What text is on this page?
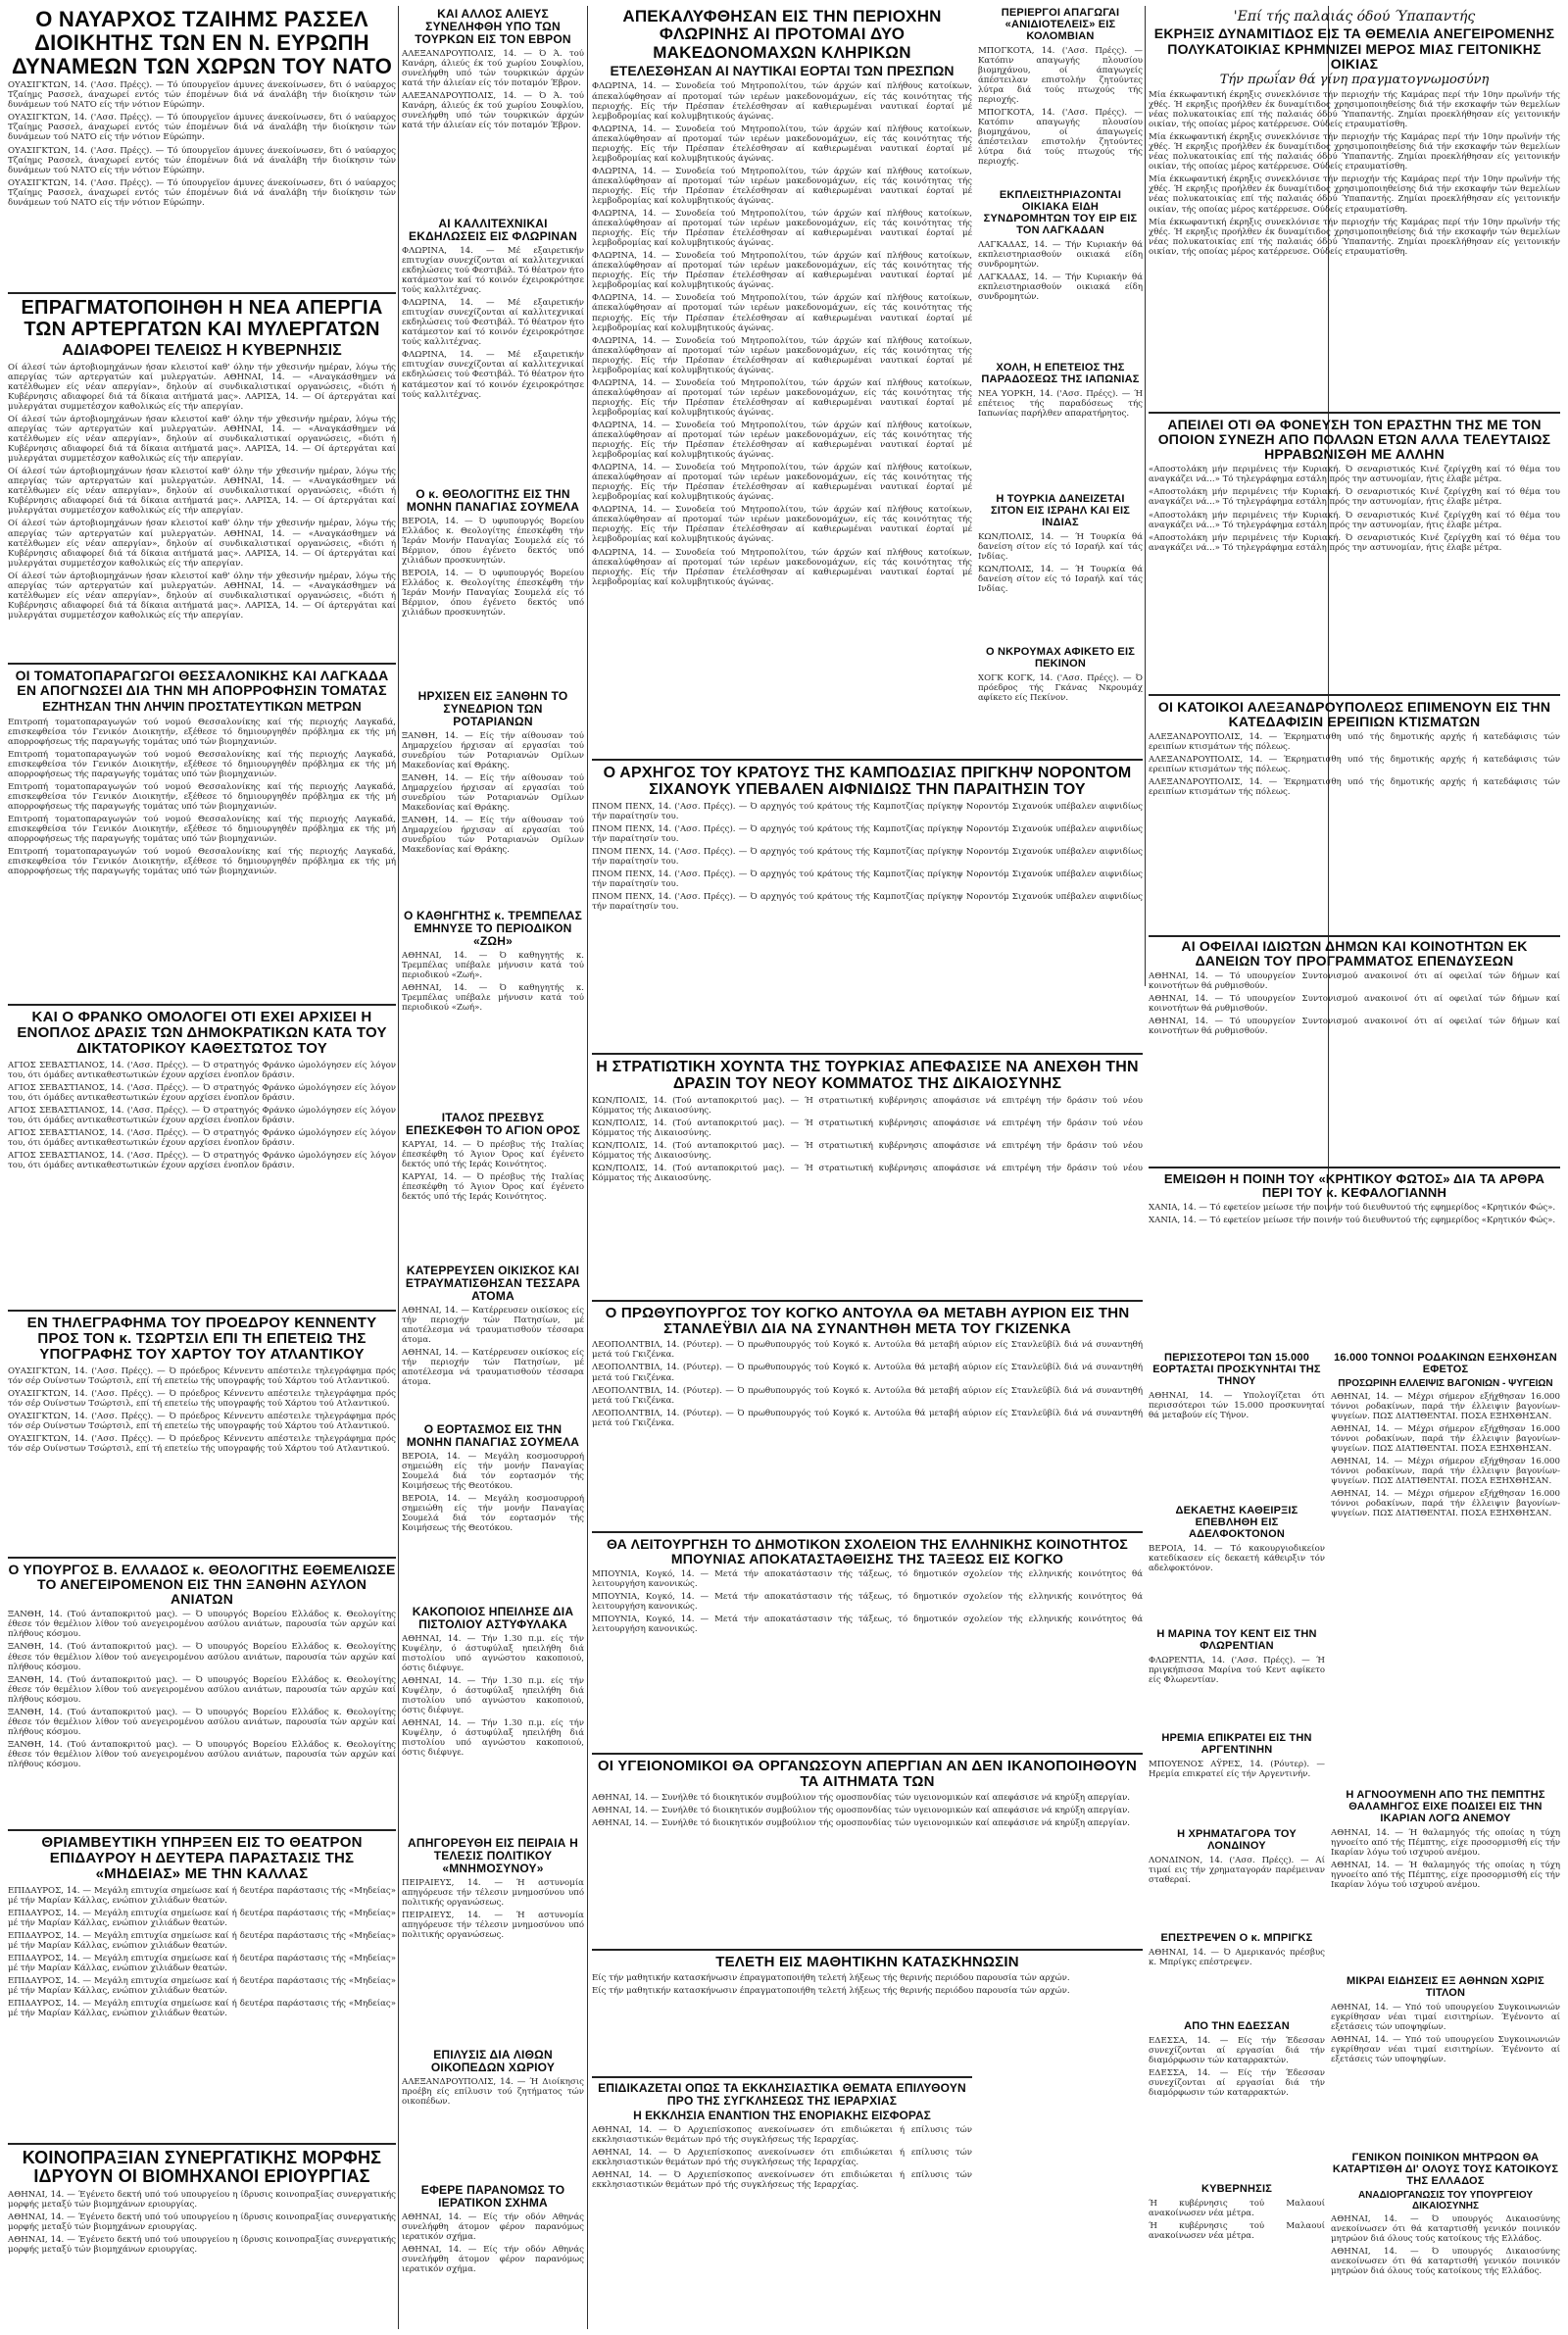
Ο ΝΑΥΑΡΧΟΣ ΤΖΑΙΗΜΣ ΡΑΣΣΕΛ ΔΙΟΙΚΗΤΗΣ ΤΩΝ ΕΝ Ν. ΕΥΡΩΠΗ ΔΥΝΑΜΕΩΝ ΤΩΝ ΧΩΡΩΝ ΤΟΥ ΝΑΤΟ

ΟΥΑΣΙΓΚΤΩΝ, 14. ('Ασσ. Πρέςς). — Τό ύπουργεϊον άμυνες άνεκοίνωσεν, δτι ό ναύαρχος Τζαίημς Ρασσελ, άναχωρεί εντός τών έπομένων διά νά άναλάβη τήν διοίκησιν τών δυνάμεων τού ΝΑΤΟ είς τήν νότιον Εύρώπην.

ΟΥΑΣΙΓΚΤΩΝ, 14. ('Ασσ. Πρέςς). — Τό ύπουργεϊον άμυνες άνεκοίνωσεν, δτι ό ναύαρχος Τζαίημς Ρασσελ, άναχωρεί εντός τών έπομένων διά νά άναλάβη τήν διοίκησιν τών δυνάμεων τού ΝΑΤΟ είς τήν νότιον Εύρώπην.

ΟΥΑΣΙΓΚΤΩΝ, 14. ('Ασσ. Πρέςς). — Τό ύπουργεϊον άμυνες άνεκοίνωσεν, δτι ό ναύαρχος Τζαίημς Ρασσελ, άναχωρεί εντός τών έπομένων διά νά άναλάβη τήν διοίκησιν τών δυνάμεων τού ΝΑΤΟ είς τήν νότιον Εύρώπην.

ΟΥΑΣΙΓΚΤΩΝ, 14. ('Ασσ. Πρέςς). — Τό ύπουργεϊον άμυνες άνεκοίνωσεν, δτι ό ναύαρχος Τζαίημς Ρασσελ, άναχωρεί εντός τών έπομένων διά νά άναλάβη τήν διοίκησιν τών δυνάμεων τού ΝΑΤΟ είς τήν νότιον Εύρώπην.

ΕΠΡΑΓΜΑΤΟΠΟΙΗΘΗ Η ΝΕΑ ΑΠΕΡΓΙΑ ΤΩΝ ΑΡΤΕΡΓΑΤΩΝ ΚΑΙ ΜΥΛΕΡΓΑΤΩΝ
ΑΔΙΑΦΟΡΕΙ ΤΕΛΕΙΩΣ Η ΚΥΒΕΡΝΗΣΙΣ

Οί άλεσί τών άρτοβιομηχάνων ήσαν κλειστοί καθ' όλην τήν χθεσινήν ημέραν, λόγω τής απεργίας τών αρτεργατών καί μυλεργατών. ΑΘΗΝΑΙ, 14. — «Αναγκάσθημεν νά κατέλθωμεν είς νέαν απεργίαν», δηλούν αί συνδικαλιστικαί οργανώσεις, «διότι ή Κυβέρνησις αδιαφορεί διά τά δίκαια αιτήματά μας». ΛΑΡΙΣΑ, 14. — Οί άρτεργάται καί μυλεργάται συμμετέσχον καθολικώς είς τήν απεργίαν.

Οί άλεσί τών άρτοβιομηχάνων ήσαν κλειστοί καθ' όλην τήν χθεσινήν ημέραν, λόγω τής απεργίας τών αρτεργατών καί μυλεργατών. ΑΘΗΝΑΙ, 14. — «Αναγκάσθημεν νά κατέλθωμεν είς νέαν απεργίαν», δηλούν αί συνδικαλιστικαί οργανώσεις, «διότι ή Κυβέρνησις αδιαφορεί διά τά δίκαια αιτήματά μας». ΛΑΡΙΣΑ, 14. — Οί άρτεργάται καί μυλεργάται συμμετέσχον καθολικώς είς τήν απεργίαν.

Οί άλεσί τών άρτοβιομηχάνων ήσαν κλειστοί καθ' όλην τήν χθεσινήν ημέραν, λόγω τής απεργίας τών αρτεργατών καί μυλεργατών. ΑΘΗΝΑΙ, 14. — «Αναγκάσθημεν νά κατέλθωμεν είς νέαν απεργίαν», δηλούν αί συνδικαλιστικαί οργανώσεις, «διότι ή Κυβέρνησις αδιαφορεί διά τά δίκαια αιτήματά μας». ΛΑΡΙΣΑ, 14. — Οί άρτεργάται καί μυλεργάται συμμετέσχον καθολικώς είς τήν απεργίαν.

Οί άλεσί τών άρτοβιομηχάνων ήσαν κλειστοί καθ' όλην τήν χθεσινήν ημέραν, λόγω τής απεργίας τών αρτεργατών καί μυλεργατών. ΑΘΗΝΑΙ, 14. — «Αναγκάσθημεν νά κατέλθωμεν είς νέαν απεργίαν», δηλούν αί συνδικαλιστικαί οργανώσεις, «διότι ή Κυβέρνησις αδιαφορεί διά τά δίκαια αιτήματά μας». ΛΑΡΙΣΑ, 14. — Οί άρτεργάται καί μυλεργάται συμμετέσχον καθολικώς είς τήν απεργίαν.

Οί άλεσί τών άρτοβιομηχάνων ήσαν κλειστοί καθ' όλην τήν χθεσινήν ημέραν, λόγω τής απεργίας τών αρτεργατών καί μυλεργατών. ΑΘΗΝΑΙ, 14. — «Αναγκάσθημεν νά κατέλθωμεν είς νέαν απεργίαν», δηλούν αί συνδικαλιστικαί οργανώσεις, «διότι ή Κυβέρνησις αδιαφορεί διά τά δίκαια αιτήματά μας». ΛΑΡΙΣΑ, 14. — Οί άρτεργάται καί μυλεργάται συμμετέσχον καθολικώς είς τήν απεργίαν.

ΟΙ ΤΟΜΑΤΟΠΑΡΑΓΩΓΟΙ ΘΕΣΣΑΛΟΝΙΚΗΣ ΚΑΙ ΛΑΓΚΑΔΑ ΕΝ ΑΠΟΓΝΩΣΕΙ ΔΙΑ ΤΗΝ ΜΗ ΑΠΟΡΡΟΦΗΣΙΝ ΤΟΜΑΤΑΣ
ΕΖΗΤΗΣΑΝ ΤΗΝ ΛΗΨΙΝ ΠΡΟΣΤΑΤΕΥΤΙΚΩΝ ΜΕΤΡΩΝ

Επιτροπή τοματοπαραγωγών τού νομού Θεσσαλονίκης καί τής περιοχής Λαγκαδά, επισκεφθείσα τόν Γενικόν Διοικητήν, εξέθεσε τό δημιουργηθέν πρόβλημα εκ τής μή απορροφήσεως τής παραγωγής τομάτας υπό τών βιομηχανιών.

Επιτροπή τοματοπαραγωγών τού νομού Θεσσαλονίκης καί τής περιοχής Λαγκαδά, επισκεφθείσα τόν Γενικόν Διοικητήν, εξέθεσε τό δημιουργηθέν πρόβλημα εκ τής μή απορροφήσεως τής παραγωγής τομάτας υπό τών βιομηχανιών.

Επιτροπή τοματοπαραγωγών τού νομού Θεσσαλονίκης καί τής περιοχής Λαγκαδά, επισκεφθείσα τόν Γενικόν Διοικητήν, εξέθεσε τό δημιουργηθέν πρόβλημα εκ τής μή απορροφήσεως τής παραγωγής τομάτας υπό τών βιομηχανιών.

Επιτροπή τοματοπαραγωγών τού νομού Θεσσαλονίκης καί τής περιοχής Λαγκαδά, επισκεφθείσα τόν Γενικόν Διοικητήν, εξέθεσε τό δημιουργηθέν πρόβλημα εκ τής μή απορροφήσεως τής παραγωγής τομάτας υπό τών βιομηχανιών.

Επιτροπή τοματοπαραγωγών τού νομού Θεσσαλονίκης καί τής περιοχής Λαγκαδά, επισκεφθείσα τόν Γενικόν Διοικητήν, εξέθεσε τό δημιουργηθέν πρόβλημα εκ τής μή απορροφήσεως τής παραγωγής τομάτας υπό τών βιομηχανιών.

ΚΑΙ Ο ΦΡΑΝΚΟ ΟΜΟΛΟΓΕΙ ΟΤΙ ΕΧΕΙ ΑΡΧΙΣΕΙ Η ΕΝΟΠΛΟΣ ΔΡΑΣΙΣ ΤΩΝ ΔΗΜΟΚΡΑΤΙΚΩΝ ΚΑΤΑ ΤΟΥ ΔΙΚΤΑΤΟΡΙΚΟΥ ΚΑΘΕΣΤΩΤΟΣ ΤΟΥ

ΑΓΙΟΣ ΣΕΒΑΣΤΙΑΝΟΣ, 14. ('Ασσ. Πρέςς). — Ό στρατηγός Φράνκο ώμολόγησεν είς λόγον του, ότι όμάδες αντικαθεστωτικών έχουν αρχίσει ένοπλον δράσιν.

ΑΓΙΟΣ ΣΕΒΑΣΤΙΑΝΟΣ, 14. ('Ασσ. Πρέςς). — Ό στρατηγός Φράνκο ώμολόγησεν είς λόγον του, ότι όμάδες αντικαθεστωτικών έχουν αρχίσει ένοπλον δράσιν.

ΑΓΙΟΣ ΣΕΒΑΣΤΙΑΝΟΣ, 14. ('Ασσ. Πρέςς). — Ό στρατηγός Φράνκο ώμολόγησεν είς λόγον του, ότι όμάδες αντικαθεστωτικών έχουν αρχίσει ένοπλον δράσιν.

ΑΓΙΟΣ ΣΕΒΑΣΤΙΑΝΟΣ, 14. ('Ασσ. Πρέςς). — Ό στρατηγός Φράνκο ώμολόγησεν είς λόγον του, ότι όμάδες αντικαθεστωτικών έχουν αρχίσει ένοπλον δράσιν.

ΑΓΙΟΣ ΣΕΒΑΣΤΙΑΝΟΣ, 14. ('Ασσ. Πρέςς). — Ό στρατηγός Φράνκο ώμολόγησεν είς λόγον του, ότι όμάδες αντικαθεστωτικών έχουν αρχίσει ένοπλον δράσιν.

ΕΝ ΤΗΛΕΓΡΑΦΗΜΑ ΤΟΥ ΠΡΟΕΔΡΟΥ ΚΕΝΝΕΝΤΥ ΠΡΟΣ ΤΟΝ κ. ΤΣΩΡΤΣΙΛ ΕΠΙ ΤΗ ΕΠΕΤΕΙΩ ΤΗΣ ΥΠΟΓΡΑΦΗΣ ΤΟΥ ΧΑΡΤΟΥ ΤΟΥ ΑΤΛΑΝΤΙΚΟΥ

ΟΥΑΣΙΓΚΤΩΝ, 14. ('Ασσ. Πρέςς). — Ό πρόεδρος Κέννεντυ απέστειλε τηλεγράφημα πρός τόν σέρ Ουίνστων Τσώρτσιλ, επί τή επετείω τής υπογραφής τού Χάρτου τού Ατλαντικού.

ΟΥΑΣΙΓΚΤΩΝ, 14. ('Ασσ. Πρέςς). — Ό πρόεδρος Κέννεντυ απέστειλε τηλεγράφημα πρός τόν σέρ Ουίνστων Τσώρτσιλ, επί τή επετείω τής υπογραφής τού Χάρτου τού Ατλαντικού.

ΟΥΑΣΙΓΚΤΩΝ, 14. ('Ασσ. Πρέςς). — Ό πρόεδρος Κέννεντυ απέστειλε τηλεγράφημα πρός τόν σέρ Ουίνστων Τσώρτσιλ, επί τή επετείω τής υπογραφής τού Χάρτου τού Ατλαντικού.

ΟΥΑΣΙΓΚΤΩΝ, 14. ('Ασσ. Πρέςς). — Ό πρόεδρος Κέννεντυ απέστειλε τηλεγράφημα πρός τόν σέρ Ουίνστων Τσώρτσιλ, επί τή επετείω τής υπογραφής τού Χάρτου τού Ατλαντικού.

Ο ΥΠΟΥΡΓΟΣ Β. ΕΛΛΑΔΟΣ κ. ΘΕΟΛΟΓΙΤΗΣ ΕΘΕΜΕΛΙΩΣΕ ΤΟ ΑΝΕΓΕΙΡΟΜΕΝΟΝ ΕΙΣ ΤΗΝ ΞΑΝΘΗΝ ΑΣΥΛΟΝ ΑΝΙΑΤΩΝ

ΞΑΝΘΗ, 14. (Τού άνταποκριτού μας). — Ό υπουργός Βορείου Ελλάδος κ. Θεολογίτης έθεσε τόν θεμέλιον λίθον τού ανεγειρομένου ασύλου ανιάτων, παρουσία τών αρχών καί πλήθους κόσμου.

ΞΑΝΘΗ, 14. (Τού άνταποκριτού μας). — Ό υπουργός Βορείου Ελλάδος κ. Θεολογίτης έθεσε τόν θεμέλιον λίθον τού ανεγειρομένου ασύλου ανιάτων, παρουσία τών αρχών καί πλήθους κόσμου.

ΞΑΝΘΗ, 14. (Τού άνταποκριτού μας). — Ό υπουργός Βορείου Ελλάδος κ. Θεολογίτης έθεσε τόν θεμέλιον λίθον τού ανεγειρομένου ασύλου ανιάτων, παρουσία τών αρχών καί πλήθους κόσμου.

ΞΑΝΘΗ, 14. (Τού άνταποκριτού μας). — Ό υπουργός Βορείου Ελλάδος κ. Θεολογίτης έθεσε τόν θεμέλιον λίθον τού ανεγειρομένου ασύλου ανιάτων, παρουσία τών αρχών καί πλήθους κόσμου.

ΞΑΝΘΗ, 14. (Τού άνταποκριτού μας). — Ό υπουργός Βορείου Ελλάδος κ. Θεολογίτης έθεσε τόν θεμέλιον λίθον τού ανεγειρομένου ασύλου ανιάτων, παρουσία τών αρχών καί πλήθους κόσμου.

ΘΡΙΑΜΒΕΥΤΙΚΗ ΥΠΗΡΞΕΝ ΕΙΣ ΤΟ ΘΕΑΤΡΟΝ ΕΠΙΔΑΥΡΟΥ Η ΔΕΥΤΕΡΑ ΠΑΡΑΣΤΑΣΙΣ ΤΗΣ «ΜΗΔΕΙΑΣ» ΜΕ ΤΗΝ ΚΑΛΛΑΣ

ΕΠΙΔΑΥΡΟΣ, 14. — Μεγάλη επιτυχία σημείωσε καί ή δευτέρα παράστασις τής «Μηδείας» μέ τήν Μαρίαν Κάλλας, ενώπιον χιλιάδων θεατών.

ΕΠΙΔΑΥΡΟΣ, 14. — Μεγάλη επιτυχία σημείωσε καί ή δευτέρα παράστασις τής «Μηδείας» μέ τήν Μαρίαν Κάλλας, ενώπιον χιλιάδων θεατών.

ΕΠΙΔΑΥΡΟΣ, 14. — Μεγάλη επιτυχία σημείωσε καί ή δευτέρα παράστασις τής «Μηδείας» μέ τήν Μαρίαν Κάλλας, ενώπιον χιλιάδων θεατών.

ΕΠΙΔΑΥΡΟΣ, 14. — Μεγάλη επιτυχία σημείωσε καί ή δευτέρα παράστασις τής «Μηδείας» μέ τήν Μαρίαν Κάλλας, ενώπιον χιλιάδων θεατών.

ΕΠΙΔΑΥΡΟΣ, 14. — Μεγάλη επιτυχία σημείωσε καί ή δευτέρα παράστασις τής «Μηδείας» μέ τήν Μαρίαν Κάλλας, ενώπιον χιλιάδων θεατών.

ΕΠΙΔΑΥΡΟΣ, 14. — Μεγάλη επιτυχία σημείωσε καί ή δευτέρα παράστασις τής «Μηδείας» μέ τήν Μαρίαν Κάλλας, ενώπιον χιλιάδων θεατών.

ΚΟΙΝΟΠΡΑΞΙΑΝ ΣΥΝΕΡΓΑΤΙΚΗΣ ΜΟΡΦΗΣ ΙΔΡΥΟΥΝ ΟΙ ΒΙΟΜΗΧΑΝΟΙ ΕΡΙΟΥΡΓΙΑΣ

ΑΘΗΝΑΙ, 14. — Έγένετο δεκτή υπό τού υπουργείου η ίδρυσις κοινοπραξίας συνεργατικής μορφής μεταξύ τών βιομηχάνων εριουργίας.

ΑΘΗΝΑΙ, 14. — Έγένετο δεκτή υπό τού υπουργείου η ίδρυσις κοινοπραξίας συνεργατικής μορφής μεταξύ τών βιομηχάνων εριουργίας.

ΑΘΗΝΑΙ, 14. — Έγένετο δεκτή υπό τού υπουργείου η ίδρυσις κοινοπραξίας συνεργατικής μορφής μεταξύ τών βιομηχάνων εριουργίας.

ΚΑΙ ΑΛΛΟΣ ΑΛΙΕΥΣ ΣΥΝΕΛΗΦΘΗ ΥΠΟ ΤΩΝ ΤΟΥΡΚΩΝ ΕΙΣ ΤΟΝ ΕΒΡΟΝ

ΑΛΕΞΑΝΔΡΟΥΠΟΛΙΣ, 14. — Ό Ά. τού Κανάρη, άλιεύς έκ τού χωρίου Σουφλίου, συνελήφθη υπό τών τουρκικών άρχών κατά τήν άλιείαν είς τόν ποταμόν Έβρον.

ΑΛΕΞΑΝΔΡΟΥΠΟΛΙΣ, 14. — Ό Ά. τού Κανάρη, άλιεύς έκ τού χωρίου Σουφλίου, συνελήφθη υπό τών τουρκικών άρχών κατά τήν άλιείαν είς τόν ποταμόν Έβρον.

ΑΙ ΚΑΛΛΙΤΕΧΝΙΚΑΙ ΕΚΔΗΛΩΣΕΙΣ ΕΙΣ ΦΛΩΡΙΝΑΝ

ΦΛΩΡΙΝΑ, 14. — Μέ εξαιρετικήν επιτυχίαν συνεχίζονται αί καλλιτεχνικαί εκδηλώσεις τού Φεστιβάλ. Τό θέατρον ήτο κατάμεστον καί τό κοινόν έχειροκρότησε τούς καλλιτέχνας.

ΦΛΩΡΙΝΑ, 14. — Μέ εξαιρετικήν επιτυχίαν συνεχίζονται αί καλλιτεχνικαί εκδηλώσεις τού Φεστιβάλ. Τό θέατρον ήτο κατάμεστον καί τό κοινόν έχειροκρότησε τούς καλλιτέχνας.

ΦΛΩΡΙΝΑ, 14. — Μέ εξαιρετικήν επιτυχίαν συνεχίζονται αί καλλιτεχνικαί εκδηλώσεις τού Φεστιβάλ. Τό θέατρον ήτο κατάμεστον καί τό κοινόν έχειροκρότησε τούς καλλιτέχνας.

Ο κ. ΘΕΟΛΟΓΙΤΗΣ ΕΙΣ ΤΗΝ ΜΟΝΗΝ ΠΑΝΑΓΙΑΣ ΣΟΥΜΕΛΑ

ΒΕΡΟΙΑ, 14. — Ό υφυπουργός Βορείου Ελλάδος κ. Θεολογίτης έπεσκέφθη τήν Ίεράν Μονήν Παναγίας Σουμελά είς τό Βέρμιον, όπου έγένετο δεκτός υπό χιλιάδων προσκυνητών.

ΒΕΡΟΙΑ, 14. — Ό υφυπουργός Βορείου Ελλάδος κ. Θεολογίτης έπεσκέφθη τήν Ίεράν Μονήν Παναγίας Σουμελά είς τό Βέρμιον, όπου έγένετο δεκτός υπό χιλιάδων προσκυνητών.

ΗΡΧΙΣΕΝ ΕΙΣ ΞΑΝΘΗΝ ΤΟ ΣΥΝΕΔΡΙΟΝ ΤΩΝ ΡΟΤΑΡΙΑΝΩΝ

ΞΑΝΘΗ, 14. — Είς τήν αίθουσαν τού Δημαρχείου ήρχισαν αί εργασίαι τού συνεδρίου τών Ροταριανών Ομίλων Μακεδονίας καί Θράκης.

ΞΑΝΘΗ, 14. — Είς τήν αίθουσαν τού Δημαρχείου ήρχισαν αί εργασίαι τού συνεδρίου τών Ροταριανών Ομίλων Μακεδονίας καί Θράκης.

ΞΑΝΘΗ, 14. — Είς τήν αίθουσαν τού Δημαρχείου ήρχισαν αί εργασίαι τού συνεδρίου τών Ροταριανών Ομίλων Μακεδονίας καί Θράκης.

Ο ΚΑΘΗΓΗΤΗΣ κ. ΤΡΕΜΠΕΛΑΣ ΕΜΗΝΥΣΕ ΤΟ ΠΕΡΙΟΔΙΚΟΝ «ΖΩΗ»

ΑΘΗΝΑΙ, 14. — Ό καθηγητής κ. Τρεμπέλας υπέβαλε μήνυσιν κατά τού περιοδικού «Ζωή».

ΑΘΗΝΑΙ, 14. — Ό καθηγητής κ. Τρεμπέλας υπέβαλε μήνυσιν κατά τού περιοδικού «Ζωή».

ΙΤΑΛΟΣ ΠΡΕΣΒΥΣ ΕΠΕΣΚΕΦΘΗ ΤΟ ΑΓΙΟΝ ΟΡΟΣ

ΚΑΡΥΑΙ, 14. — Ό πρέσβυς τής Ιταλίας έπεσκέφθη τό Άγιον Όρος καί έγένετο δεκτός υπό τής Ιεράς Κοινότητος.

ΚΑΡΥΑΙ, 14. — Ό πρέσβυς τής Ιταλίας έπεσκέφθη τό Άγιον Όρος καί έγένετο δεκτός υπό τής Ιεράς Κοινότητος.

ΚΑΤΕΡΡΕΥΣΕΝ ΟΙΚΙΣΚΟΣ ΚΑΙ ΕΤΡΑΥΜΑΤΙΣΘΗΣΑΝ ΤΕΣΣΑΡΑ ΑΤΟΜΑ

ΑΘΗΝΑΙ, 14. — Κατέρρευσεν οικίσκος είς τήν περιοχήν τών Πατησίων, μέ αποτέλεσμα νά τραυματισθούν τέσσαρα άτομα.

ΑΘΗΝΑΙ, 14. — Κατέρρευσεν οικίσκος είς τήν περιοχήν τών Πατησίων, μέ αποτέλεσμα νά τραυματισθούν τέσσαρα άτομα.

Ο ΕΟΡΤΑΣΜΟΣ ΕΙΣ ΤΗΝ ΜΟΝΗΝ ΠΑΝΑΓΙΑΣ ΣΟΥΜΕΛΑ

ΒΕΡΟΙΑ, 14. — Μεγάλη κοσμοσυρροή σημειώθη είς τήν μονήν Παναγίας Σουμελά διά τόν εορτασμόν τής Κοιμήσεως τής Θεοτόκου.

ΒΕΡΟΙΑ, 14. — Μεγάλη κοσμοσυρροή σημειώθη είς τήν μονήν Παναγίας Σουμελά διά τόν εορτασμόν τής Κοιμήσεως τής Θεοτόκου.

ΚΑΚΟΠΟΙΟΣ ΗΠΕΙΛΗΣΕ ΔΙΑ ΠΙΣΤΟΛΙΟΥ ΑΣΤΥΦΥΛΑΚΑ

ΑΘΗΝΑΙ, 14. — Τήν 1.30 π.μ. είς τήν Κυψέλην, ό άστυφύλαξ ηπειλήθη διά πιστολίου υπό αγνώστου κακοποιού, όστις διέφυγε.

ΑΘΗΝΑΙ, 14. — Τήν 1.30 π.μ. είς τήν Κυψέλην, ό άστυφύλαξ ηπειλήθη διά πιστολίου υπό αγνώστου κακοποιού, όστις διέφυγε.

ΑΘΗΝΑΙ, 14. — Τήν 1.30 π.μ. είς τήν Κυψέλην, ό άστυφύλαξ ηπειλήθη διά πιστολίου υπό αγνώστου κακοποιού, όστις διέφυγε.

ΑΠΗΓΟΡΕΥΘΗ ΕΙΣ ΠΕΙΡΑΙΑ Η ΤΕΛΕΣΙΣ ΠΟΛΙΤΙΚΟΥ «ΜΝΗΜΟΣΥΝΟΥ»

ΠΕΙΡΑΙΕΥΣ, 14. — Ή αστυνομία απηγόρευσε τήν τέλεσιν μνημοσύνου υπό πολιτικής οργανώσεως.

ΠΕΙΡΑΙΕΥΣ, 14. — Ή αστυνομία απηγόρευσε τήν τέλεσιν μνημοσύνου υπό πολιτικής οργανώσεως.

ΕΠΙΛΥΣΙΣ ΔΙΑ ΛΙΘΩΝ ΟΙΚΟΠΕΔΩΝ ΧΩΡΙΟΥ

ΑΛΕΞΑΝΔΡΟΥΠΟΛΙΣ, 14. — Ή Διοίκησις προέβη είς επίλυσιν τού ζητήματος τών οικοπέδων.

ΕΦΕΡΕ ΠΑΡΑΝΟΜΩΣ ΤΟ ΙΕΡΑΤΙΚΟΝ ΣΧΗΜΑ

ΑΘΗΝΑΙ, 14. — Είς τήν οδόν Αθηνάς συνελήφθη άτομον φέρον παρανόμως ιερατικόν σχήμα.

ΑΘΗΝΑΙ, 14. — Είς τήν οδόν Αθηνάς συνελήφθη άτομον φέρον παρανόμως ιερατικόν σχήμα.

ΑΠΕΚΑΛΥΦΘΗΣΑΝ ΕΙΣ ΤΗΝ ΠΕΡΙΟΧΗΝ ΦΛΩΡΙΝΗΣ ΑΙ ΠΡΟΤΟΜΑΙ ΔΥΟ ΜΑΚΕΔΟΝΟΜΑΧΩΝ ΚΛΗΡΙΚΩΝ
ΕΤΕΛΕΣΘΗΣΑΝ ΑΙ ΝΑΥΤΙΚΑΙ ΕΟΡΤΑΙ ΤΩΝ ΠΡΕΣΠΩΝ

ΦΛΩΡΙΝΑ, 14. — Συνοδεία τού Μητροπολίτου, τών άρχών καί πλήθους κατοίκων, άπεκαλύφθησαν αί προτομαί τών ιερέων μακεδονομάχων, είς τάς κοινότητας τής περιοχής. Είς τήν Πρέσπαν έτελέσθησαν αί καθιερωμέναι ναυτικαί έορταί μέ λεμβοδρομίας καί κολυμβητικούς άγώνας.

ΦΛΩΡΙΝΑ, 14. — Συνοδεία τού Μητροπολίτου, τών άρχών καί πλήθους κατοίκων, άπεκαλύφθησαν αί προτομαί τών ιερέων μακεδονομάχων, είς τάς κοινότητας τής περιοχής. Είς τήν Πρέσπαν έτελέσθησαν αί καθιερωμέναι ναυτικαί έορταί μέ λεμβοδρομίας καί κολυμβητικούς άγώνας.

ΦΛΩΡΙΝΑ, 14. — Συνοδεία τού Μητροπολίτου, τών άρχών καί πλήθους κατοίκων, άπεκαλύφθησαν αί προτομαί τών ιερέων μακεδονομάχων, είς τάς κοινότητας τής περιοχής. Είς τήν Πρέσπαν έτελέσθησαν αί καθιερωμέναι ναυτικαί έορταί μέ λεμβοδρομίας καί κολυμβητικούς άγώνας.

ΦΛΩΡΙΝΑ, 14. — Συνοδεία τού Μητροπολίτου, τών άρχών καί πλήθους κατοίκων, άπεκαλύφθησαν αί προτομαί τών ιερέων μακεδονομάχων, είς τάς κοινότητας τής περιοχής. Είς τήν Πρέσπαν έτελέσθησαν αί καθιερωμέναι ναυτικαί έορταί μέ λεμβοδρομίας καί κολυμβητικούς άγώνας.

ΦΛΩΡΙΝΑ, 14. — Συνοδεία τού Μητροπολίτου, τών άρχών καί πλήθους κατοίκων, άπεκαλύφθησαν αί προτομαί τών ιερέων μακεδονομάχων, είς τάς κοινότητας τής περιοχής. Είς τήν Πρέσπαν έτελέσθησαν αί καθιερωμέναι ναυτικαί έορταί μέ λεμβοδρομίας καί κολυμβητικούς άγώνας.

ΦΛΩΡΙΝΑ, 14. — Συνοδεία τού Μητροπολίτου, τών άρχών καί πλήθους κατοίκων, άπεκαλύφθησαν αί προτομαί τών ιερέων μακεδονομάχων, είς τάς κοινότητας τής περιοχής. Είς τήν Πρέσπαν έτελέσθησαν αί καθιερωμέναι ναυτικαί έορταί μέ λεμβοδρομίας καί κολυμβητικούς άγώνας.

ΦΛΩΡΙΝΑ, 14. — Συνοδεία τού Μητροπολίτου, τών άρχών καί πλήθους κατοίκων, άπεκαλύφθησαν αί προτομαί τών ιερέων μακεδονομάχων, είς τάς κοινότητας τής περιοχής. Είς τήν Πρέσπαν έτελέσθησαν αί καθιερωμέναι ναυτικαί έορταί μέ λεμβοδρομίας καί κολυμβητικούς άγώνας.

ΦΛΩΡΙΝΑ, 14. — Συνοδεία τού Μητροπολίτου, τών άρχών καί πλήθους κατοίκων, άπεκαλύφθησαν αί προτομαί τών ιερέων μακεδονομάχων, είς τάς κοινότητας τής περιοχής. Είς τήν Πρέσπαν έτελέσθησαν αί καθιερωμέναι ναυτικαί έορταί μέ λεμβοδρομίας καί κολυμβητικούς άγώνας.

ΦΛΩΡΙΝΑ, 14. — Συνοδεία τού Μητροπολίτου, τών άρχών καί πλήθους κατοίκων, άπεκαλύφθησαν αί προτομαί τών ιερέων μακεδονομάχων, είς τάς κοινότητας τής περιοχής. Είς τήν Πρέσπαν έτελέσθησαν αί καθιερωμέναι ναυτικαί έορταί μέ λεμβοδρομίας καί κολυμβητικούς άγώνας.

ΦΛΩΡΙΝΑ, 14. — Συνοδεία τού Μητροπολίτου, τών άρχών καί πλήθους κατοίκων, άπεκαλύφθησαν αί προτομαί τών ιερέων μακεδονομάχων, είς τάς κοινότητας τής περιοχής. Είς τήν Πρέσπαν έτελέσθησαν αί καθιερωμέναι ναυτικαί έορταί μέ λεμβοδρομίας καί κολυμβητικούς άγώνας.

ΦΛΩΡΙΝΑ, 14. — Συνοδεία τού Μητροπολίτου, τών άρχών καί πλήθους κατοίκων, άπεκαλύφθησαν αί προτομαί τών ιερέων μακεδονομάχων, είς τάς κοινότητας τής περιοχής. Είς τήν Πρέσπαν έτελέσθησαν αί καθιερωμέναι ναυτικαί έορταί μέ λεμβοδρομίας καί κολυμβητικούς άγώνας.

ΦΛΩΡΙΝΑ, 14. — Συνοδεία τού Μητροπολίτου, τών άρχών καί πλήθους κατοίκων, άπεκαλύφθησαν αί προτομαί τών ιερέων μακεδονομάχων, είς τάς κοινότητας τής περιοχής. Είς τήν Πρέσπαν έτελέσθησαν αί καθιερωμέναι ναυτικαί έορταί μέ λεμβοδρομίας καί κολυμβητικούς άγώνας.

Ο ΑΡΧΗΓΟΣ ΤΟΥ ΚΡΑΤΟΥΣ ΤΗΣ ΚΑΜΠΟΔΣΙΑΣ ΠΡΙΓΚΗΨ ΝΟΡΟΝΤΟΜ ΣΙΧΑΝΟΥΚ ΥΠΕΒΑΛΕΝ ΑΙΦΝΙΔΙΩΣ ΤΗΝ ΠΑΡΑΙΤΗΣΙΝ ΤΟΥ

ΠΝΟΜ ΠΕΝΧ, 14. ('Ασσ. Πρέςς). — Ό αρχηγός τού κράτους τής Καμποτζίας πρίγκηψ Νοροντόμ Σιχανούκ υπέβαλεν αιφνιδίως τήν παραίτησίν του.

ΠΝΟΜ ΠΕΝΧ, 14. ('Ασσ. Πρέςς). — Ό αρχηγός τού κράτους τής Καμποτζίας πρίγκηψ Νοροντόμ Σιχανούκ υπέβαλεν αιφνιδίως τήν παραίτησίν του.

ΠΝΟΜ ΠΕΝΧ, 14. ('Ασσ. Πρέςς). — Ό αρχηγός τού κράτους τής Καμποτζίας πρίγκηψ Νοροντόμ Σιχανούκ υπέβαλεν αιφνιδίως τήν παραίτησίν του.

ΠΝΟΜ ΠΕΝΧ, 14. ('Ασσ. Πρέςς). — Ό αρχηγός τού κράτους τής Καμποτζίας πρίγκηψ Νοροντόμ Σιχανούκ υπέβαλεν αιφνιδίως τήν παραίτησίν του.

ΠΝΟΜ ΠΕΝΧ, 14. ('Ασσ. Πρέςς). — Ό αρχηγός τού κράτους τής Καμποτζίας πρίγκηψ Νοροντόμ Σιχανούκ υπέβαλεν αιφνιδίως τήν παραίτησίν του.

Η ΣΤΡΑΤΙΩΤΙΚΗ ΧΟΥΝΤΑ ΤΗΣ ΤΟΥΡΚΙΑΣ ΑΠΕΦΑΣΙΣΕ ΝΑ ΑΝΕΧΘΗ ΤΗΝ ΔΡΑΣΙΝ ΤΟΥ ΝΕΟΥ ΚΟΜΜΑΤΟΣ ΤΗΣ ΔΙΚΑΙΟΣΥΝΗΣ

ΚΩΝ/ΠΟΛΙΣ, 14. (Τού ανταποκριτού μας). — Ή στρατιωτική κυβέρνησις αποφάσισε νά επιτρέψη τήν δράσιν τού νέου Κόμματος τής Δικαιοσύνης.

ΚΩΝ/ΠΟΛΙΣ, 14. (Τού ανταποκριτού μας). — Ή στρατιωτική κυβέρνησις αποφάσισε νά επιτρέψη τήν δράσιν τού νέου Κόμματος τής Δικαιοσύνης.

ΚΩΝ/ΠΟΛΙΣ, 14. (Τού ανταποκριτού μας). — Ή στρατιωτική κυβέρνησις αποφάσισε νά επιτρέψη τήν δράσιν τού νέου Κόμματος τής Δικαιοσύνης.

ΚΩΝ/ΠΟΛΙΣ, 14. (Τού ανταποκριτού μας). — Ή στρατιωτική κυβέρνησις αποφάσισε νά επιτρέψη τήν δράσιν τού νέου Κόμματος τής Δικαιοσύνης.

Ο ΠΡΩΘΥΠΟΥΡΓΟΣ ΤΟΥ ΚΟΓΚΟ ΑΝΤΟΥΛΑ ΘΑ ΜΕΤΑΒΗ ΑΥΡΙΟΝ ΕΙΣ ΤΗΝ ΣΤΑΝΛΕΫΒΙΛ ΔΙΑ ΝΑ ΣΥΝΑΝΤΗΘΗ ΜΕΤΑ ΤΟΥ ΓΚΙΖΕΝΚΑ

ΛΕΟΠΟΛΝΤΒΙΛ, 14. (Ρόυτερ). — Ό πρωθυπουργός τού Κογκό κ. Αντούλα θά μεταβή αύριον είς Στανλεϋβίλ διά νά συναντηθή μετά τού Γκιζένκα.

ΛΕΟΠΟΛΝΤΒΙΛ, 14. (Ρόυτερ). — Ό πρωθυπουργός τού Κογκό κ. Αντούλα θά μεταβή αύριον είς Στανλεϋβίλ διά νά συναντηθή μετά τού Γκιζένκα.

ΛΕΟΠΟΛΝΤΒΙΛ, 14. (Ρόυτερ). — Ό πρωθυπουργός τού Κογκό κ. Αντούλα θά μεταβή αύριον είς Στανλεϋβίλ διά νά συναντηθή μετά τού Γκιζένκα.

ΛΕΟΠΟΛΝΤΒΙΛ, 14. (Ρόυτερ). — Ό πρωθυπουργός τού Κογκό κ. Αντούλα θά μεταβή αύριον είς Στανλεϋβίλ διά νά συναντηθή μετά τού Γκιζένκα.

ΘΑ ΛΕΙΤΟΥΡΓΗΣΗ ΤΟ ΔΗΜΟΤΙΚΟΝ ΣΧΟΛΕΙΟΝ ΤΗΣ ΕΛΛΗΝΙΚΗΣ ΚΟΙΝΟΤΗΤΟΣ ΜΠΟΥΝΙΑΣ ΑΠΟΚΑΤΑΣΤΑΘΕΙΣΗΣ ΤΗΣ ΤΑΞΕΩΣ ΕΙΣ ΚΟΓΚΟ

ΜΠΟΥΝΙΑ, Κογκό, 14. — Μετά τήν αποκατάστασιν τής τάξεως, τό δημοτικόν σχολείον τής ελληνικής κοινότητος θά λειτουργήση κανονικώς.

ΜΠΟΥΝΙΑ, Κογκό, 14. — Μετά τήν αποκατάστασιν τής τάξεως, τό δημοτικόν σχολείον τής ελληνικής κοινότητος θά λειτουργήση κανονικώς.

ΜΠΟΥΝΙΑ, Κογκό, 14. — Μετά τήν αποκατάστασιν τής τάξεως, τό δημοτικόν σχολείον τής ελληνικής κοινότητος θά λειτουργήση κανονικώς.

ΟΙ ΥΓΕΙΟΝΟΜΙΚΟΙ ΘΑ ΟΡΓΑΝΩΣΟΥΝ ΑΠΕΡΓΙΑΝ ΑΝ ΔΕΝ ΙΚΑΝΟΠΟΙΗΘΟΥΝ ΤΑ ΑΙΤΗΜΑΤΑ ΤΩΝ

ΑΘΗΝΑΙ, 14. — Συνήλθε τό διοικητικόν συμβούλιον τής ομοσπονδίας τών υγειονομικών καί απεφάσισε νά κηρύξη απεργίαν.

ΑΘΗΝΑΙ, 14. — Συνήλθε τό διοικητικόν συμβούλιον τής ομοσπονδίας τών υγειονομικών καί απεφάσισε νά κηρύξη απεργίαν.

ΑΘΗΝΑΙ, 14. — Συνήλθε τό διοικητικόν συμβούλιον τής ομοσπονδίας τών υγειονομικών καί απεφάσισε νά κηρύξη απεργίαν.

ΤΕΛΕΤΗ ΕΙΣ ΜΑΘΗΤΙΚΗΝ ΚΑΤΑΣΚΗΝΩΣΙΝ

Είς τήν μαθητικήν κατασκήνωσιν έπραγματοποιήθη τελετή λήξεως τής θερινής περιόδου παρουσία τών αρχών.

Είς τήν μαθητικήν κατασκήνωσιν έπραγματοποιήθη τελετή λήξεως τής θερινής περιόδου παρουσία τών αρχών.

ΕΠΙΔΙΚΑΖΕΤΑΙ ΟΠΩΣ ΤΑ ΕΚΚΛΗΣΙΑΣΤΙΚΑ ΘΕΜΑΤΑ ΕΠΙΛΥΘΟΥΝ ΠΡΟ ΤΗΣ ΣΥΓΚΛΗΣΕΩΣ ΤΗΣ ΙΕΡΑΡΧΙΑΣ
Η ΕΚΚΛΗΣΙΑ ΕΝΑΝΤΙΟΝ ΤΗΣ ΕΝΟΡΙΑΚΗΣ ΕΙΣΦΟΡΑΣ

ΑΘΗΝΑΙ, 14. — Ό Αρχιεπίσκοπος ανεκοίνωσεν ότι επιδιώκεται ή επίλυσις τών εκκλησιαστικών θεμάτων πρό τής συγκλήσεως τής Ιεραρχίας.

ΑΘΗΝΑΙ, 14. — Ό Αρχιεπίσκοπος ανεκοίνωσεν ότι επιδιώκεται ή επίλυσις τών εκκλησιαστικών θεμάτων πρό τής συγκλήσεως τής Ιεραρχίας.

ΑΘΗΝΑΙ, 14. — Ό Αρχιεπίσκοπος ανεκοίνωσεν ότι επιδιώκεται ή επίλυσις τών εκκλησιαστικών θεμάτων πρό τής συγκλήσεως τής Ιεραρχίας.

ΠΕΡΙΕΡΓΟΙ ΑΠΑΓΩΓΑΙ «ΑΝΙΔΙΟΤΕΛΕΙΣ» ΕΙΣ ΚΟΛΟΜΒΙΑΝ

ΜΠΟΓΚΟΤΑ, 14. ('Ασσ. Πρέςς). — Κατόπιν απαγωγής πλουσίου βιομηχάνου, οί άπαγωγείς άπέστειλαν επιστολήν ζητούντες λύτρα διά τούς πτωχούς τής περιοχής.

ΜΠΟΓΚΟΤΑ, 14. ('Ασσ. Πρέςς). — Κατόπιν απαγωγής πλουσίου βιομηχάνου, οί άπαγωγείς άπέστειλαν επιστολήν ζητούντες λύτρα διά τούς πτωχούς τής περιοχής.

ΕΚΠΛΕΙΣΤΗΡΙΑΖΟΝΤΑΙ ΟΙΚΙΑΚΑ ΕΙΔΗ ΣΥΝΔΡΟΜΗΤΩΝ ΤΟΥ ΕΙΡ ΕΙΣ ΤΟΝ ΛΑΓΚΑΔΑΝ

ΛΑΓΚΑΔΑΣ, 14. — Τήν Κυριακήν θά εκπλειστηριασθούν οικιακά είδη συνδρομητών.

ΛΑΓΚΑΔΑΣ, 14. — Τήν Κυριακήν θά εκπλειστηριασθούν οικιακά είδη συνδρομητών.

ΧΟΛΗ, Η ΕΠΕΤΕΙΟΣ ΤΗΣ ΠΑΡΑΔΟΣΕΩΣ ΤΗΣ ΙΑΠΩΝΙΑΣ

ΝΕΑ ΥΟΡΚΗ, 14. ('Ασσ. Πρέςς). — Ή επέτειος τής παραδόσεως τής Ιαπωνίας παρήλθεν απαρατήρητος.

Η ΤΟΥΡΚΙΑ ΔΑΝΕΙΖΕΤΑΙ ΣΙΤΟΝ ΕΙΣ ΙΣΡΑΗΛ ΚΑΙ ΕΙΣ ΙΝΔΙΑΣ

ΚΩΝ/ΠΟΛΙΣ, 14. — Ή Τουρκία θά δανείση σίτον είς τό Ισραήλ καί τάς Ινδίας.

ΚΩΝ/ΠΟΛΙΣ, 14. — Ή Τουρκία θά δανείση σίτον είς τό Ισραήλ καί τάς Ινδίας.

Ο ΝΚΡΟΥΜΑΧ ΑΦΙΚΕΤΟ ΕΙΣ ΠΕΚΙΝΟΝ

ΧΟΓΚ ΚΟΓΚ, 14. ('Ασσ. Πρέςς). — Ό πρόεδρος τής Γκάνας Νκρουμάχ αφίκετο είς Πεκίνον.

ΠΕΡΙΣΣΟΤΕΡΟΙ ΤΩΝ 15.000 ΕΟΡΤΑΣΤΑΙ ΠΡΟΣΚΥΝΗΤΑΙ ΤΗΣ ΤΗΝΟΥ

ΑΘΗΝΑΙ, 14. — Υπολογίζεται ότι περισσότεροι τών 15.000 προσκυνηταί θά μεταβούν είς Τήνον.

'Επί τής παλαιάς όδού Ύπαπαντής
ΕΚΡΗΞΙΣ ΔΥΝΑΜΙΤΙΔΟΣ ΕΙΣ ΤΑ ΘΕΜΕΛΙΑ ΑΝΕΓΕΙΡΟΜΕΝΗΣ ΠΟΛΥΚΑΤΟΙΚΙΑΣ ΚΡΗΜΝΙΖΕΙ ΜΕΡΟΣ ΜΙΑΣ ΓΕΙΤΟΝΙΚΗΣ ΟΙΚΙΑΣ
Τήν πρωΐαν θά γίνη πραγματογνωμοσύνη

Μία έκκωφαντική έκρηξις συνεκλόνισε τήν περιοχήν τής Καμάρας περί τήν 10ην πρωϊνήν τής χθές. Ή εκρηξις προήλθεν έκ δυναμίτιδος χρησιμοποιηθείσης διά τήν εκσκαφήν τών θεμελίων νέας πολυκατοικίας επί τής παλαιάς όδού Ύπαπαντής. Ζημίαι προεκλήθησαν είς γειτονικήν οικίαν, τής οποίας μέρος κατέρρευσε. Ούδείς ετραυματίσθη.

Μία έκκωφαντική έκρηξις συνεκλόνισε τήν περιοχήν τής Καμάρας περί τήν 10ην πρωϊνήν τής χθές. Ή εκρηξις προήλθεν έκ δυναμίτιδος χρησιμοποιηθείσης διά τήν εκσκαφήν τών θεμελίων νέας πολυκατοικίας επί τής παλαιάς όδού Ύπαπαντής. Ζημίαι προεκλήθησαν είς γειτονικήν οικίαν, τής οποίας μέρος κατέρρευσε. Ούδείς ετραυματίσθη.

Μία έκκωφαντική έκρηξις συνεκλόνισε τήν περιοχήν τής Καμάρας περί τήν 10ην πρωϊνήν τής χθές. Ή εκρηξις προήλθεν έκ δυναμίτιδος χρησιμοποιηθείσης διά τήν εκσκαφήν τών θεμελίων νέας πολυκατοικίας επί τής παλαιάς όδού Ύπαπαντής. Ζημίαι προεκλήθησαν είς γειτονικήν οικίαν, τής οποίας μέρος κατέρρευσε. Ούδείς ετραυματίσθη.

Μία έκκωφαντική έκρηξις συνεκλόνισε τήν περιοχήν τής Καμάρας περί τήν 10ην πρωϊνήν τής χθές. Ή εκρηξις προήλθεν έκ δυναμίτιδος χρησιμοποιηθείσης διά τήν εκσκαφήν τών θεμελίων νέας πολυκατοικίας επί τής παλαιάς όδού Ύπαπαντής. Ζημίαι προεκλήθησαν είς γειτονικήν οικίαν, τής οποίας μέρος κατέρρευσε. Ούδείς ετραυματίσθη.

ΑΠΕΙΛΕΙ ΟΤΙ ΘΑ ΦΟΝΕΥΣΗ ΤΟΝ ΕΡΑΣΤΗΝ ΤΗΣ ΜΕ ΤΟΝ ΟΠΟΙΟΝ ΣΥΝΕΖΗ ΑΠΟ ΠΟΛΛΩΝ ΕΤΩΝ ΑΛΛΑ ΤΕΛΕΥΤΑΙΩΣ ΗΡΡΑΒΩΝΙΣΘΗ ΜΕ ΑΛΛΗΝ

«Αποστολάκη μήν περιμένεις τήν Κυριακή. Ό σεναριστικός Κινέ ζερίγχθη καί τό θέμα του αναγκάζει νά...» Τό τηλεγράφημα εστάλη πρός την αστυνομίαν, ήτις έλαβε μέτρα.

«Αποστολάκη μήν περιμένεις τήν Κυριακή. Ό σεναριστικός Κινέ ζερίγχθη καί τό θέμα του αναγκάζει νά...» Τό τηλεγράφημα εστάλη πρός την αστυνομίαν, ήτις έλαβε μέτρα.

«Αποστολάκη μήν περιμένεις τήν Κυριακή. Ό σεναριστικός Κινέ ζερίγχθη καί τό θέμα του αναγκάζει νά...» Τό τηλεγράφημα εστάλη πρός την αστυνομίαν, ήτις έλαβε μέτρα.

«Αποστολάκη μήν περιμένεις τήν Κυριακή. Ό σεναριστικός Κινέ ζερίγχθη καί τό θέμα του αναγκάζει νά...» Τό τηλεγράφημα εστάλη πρός την αστυνομίαν, ήτις έλαβε μέτρα.

ΟΙ ΚΑΤΟΙΚΟΙ ΑΛΕΞΑΝΔΡΟΥΠΟΛΕΩΣ ΕΠΙΜΕΝΟΥΝ ΕΙΣ ΤΗΝ ΚΑΤΕΔΑΦΙΣΙΝ ΕΡΕΙΠΙΩΝ ΚΤΙΣΜΑΤΩΝ

ΑΛΕΞΑΝΔΡΟΥΠΟΛΙΣ, 14. — Έκρηματισθη υπό τής δημοτικής αρχής ή κατεδάφισις τών ερειπίων κτισμάτων τής πόλεως.

ΑΛΕΞΑΝΔΡΟΥΠΟΛΙΣ, 14. — Έκρηματισθη υπό τής δημοτικής αρχής ή κατεδάφισις τών ερειπίων κτισμάτων τής πόλεως.

ΑΛΕΞΑΝΔΡΟΥΠΟΛΙΣ, 14. — Έκρηματισθη υπό τής δημοτικής αρχής ή κατεδάφισις τών ερειπίων κτισμάτων τής πόλεως.

ΑΙ ΟΦΕΙΛΑΙ ΙΔΙΩΤΩΝ ΔΗΜΩΝ ΚΑΙ ΚΟΙΝΟΤΗΤΩΝ ΕΚ ΔΑΝΕΙΩΝ ΤΟΥ ΠΡΟΓΡΑΜΜΑΤΟΣ ΕΠΕΝΔΥΣΕΩΝ

ΑΘΗΝΑΙ, 14. — Τό υπουργείον Συντονισμού ανακοινοί ότι αί οφειλαί τών δήμων καί κοινοτήτων θά ρυθμισθούν.

ΑΘΗΝΑΙ, 14. — Τό υπουργείον Συντονισμού ανακοινοί ότι αί οφειλαί τών δήμων καί κοινοτήτων θά ρυθμισθούν.

ΑΘΗΝΑΙ, 14. — Τό υπουργείον Συντονισμού ανακοινοί ότι αί οφειλαί τών δήμων καί κοινοτήτων θά ρυθμισθούν.

ΕΜΕΙΩΘΗ Η ΠΟΙΝΗ ΤΟΥ «ΚΡΗΤΙΚΟΥ ΦΩΤΟΣ» ΔΙΑ ΤΑ ΑΡΘΡΑ ΠΕΡΙ ΤΟΥ κ. ΚΕΦΑΛΟΓΙΑΝΝΗ

ΧΑΝΙΑ, 14. — Τό εφετείον μείωσε τήν ποινήν τού διευθυντού τής εφημερίδος «Κρητικόν Φώς».

ΧΑΝΙΑ, 14. — Τό εφετείον μείωσε τήν ποινήν τού διευθυντού τής εφημερίδος «Κρητικόν Φώς».

16.000 ΤΟΝΝΟΙ ΡΟΔΑΚΙΝΩΝ ΕΞΗΧΘΗΣΑΝ ΕΦΕΤΟΣ
ΠΡΟΣΩΡΙΝΗ ΕΛΛΕΙΨΙΣ ΒΑΓΟΝΙΩΝ - ΨΥΓΕΙΩΝ

ΑΘΗΝΑΙ, 14. — Μέχρι σήμερον εξήχθησαν 16.000 τόννοι ροδακίνων, παρά τήν έλλειψιν βαγονίων-ψυγείων. ΠΩΣ ΔΙΑΤΙΘΕΝΤΑΙ. ΠΟΣΑ ΕΞΗΧΘΗΣΑΝ.

ΑΘΗΝΑΙ, 14. — Μέχρι σήμερον εξήχθησαν 16.000 τόννοι ροδακίνων, παρά τήν έλλειψιν βαγονίων-ψυγείων. ΠΩΣ ΔΙΑΤΙΘΕΝΤΑΙ. ΠΟΣΑ ΕΞΗΧΘΗΣΑΝ.

ΑΘΗΝΑΙ, 14. — Μέχρι σήμερον εξήχθησαν 16.000 τόννοι ροδακίνων, παρά τήν έλλειψιν βαγονίων-ψυγείων. ΠΩΣ ΔΙΑΤΙΘΕΝΤΑΙ. ΠΟΣΑ ΕΞΗΧΘΗΣΑΝ.

ΑΘΗΝΑΙ, 14. — Μέχρι σήμερον εξήχθησαν 16.000 τόννοι ροδακίνων, παρά τήν έλλειψιν βαγονίων-ψυγείων. ΠΩΣ ΔΙΑΤΙΘΕΝΤΑΙ. ΠΟΣΑ ΕΞΗΧΘΗΣΑΝ.

ΔΕΚΑΕΤΗΣ ΚΑΘΕΙΡΞΙΣ ΕΠΕΒΛΗΘΗ ΕΙΣ ΑΔΕΛΦΟΚΤΟΝΟΝ

ΒΕΡΟΙΑ, 14. — Τό κακουργιοδικείον κατεδίκασεν είς δεκαετή κάθειρξιν τόν αδελφοκτόνον.

Η ΜΑΡΙΝΑ ΤΟΥ ΚΕΝΤ ΕΙΣ ΤΗΝ ΦΛΩΡΕΝΤΙΑΝ

ΦΛΩΡΕΝΤΙΑ, 14. ('Ασσ. Πρέςς). — Ή πριγκήπισσα Μαρίνα τού Κεντ αφίκετο είς Φλωρεντίαν.

ΗΡΕΜΙΑ ΕΠΙΚΡΑΤΕΙ ΕΙΣ ΤΗΝ ΑΡΓΕΝΤΙΝΗΝ

ΜΠΟΥΕΝΟΣ ΑΫΡΕΣ, 14. (Ρόυτερ). — Ηρεμία επικρατεί είς τήν Αργεντινήν.

Η ΧΡΗΜΑΤΑΓΟΡΑ ΤΟΥ ΛΟΝΔΙΝΟΥ

ΛΟΝΔΙΝΟΝ, 14. ('Ασσ. Πρέςς). — Αί τιμαί εις τήν χρηματαγοράν παρέμειναν σταθεραί.

ΕΠΕΣΤΡΕΨΕΝ Ο κ. ΜΠΡΙΓΚΣ

ΑΘΗΝΑΙ, 14. — Ό Αμερικανός πρέσβυς κ. Μπρίγκς επέστρεψεν.

ΑΠΟ ΤΗΝ ΕΔΕΣΣΑΝ

ΕΔΕΣΣΑ, 14. — Είς τήν Έδεσσαν συνεχίζονται αί εργασίαι διά τήν διαμόρφωσιν τών καταρρακτών.

ΕΔΕΣΣΑ, 14. — Είς τήν Έδεσσαν συνεχίζονται αί εργασίαι διά τήν διαμόρφωσιν τών καταρρακτών.

ΚΥΒΕΡΝΗΣΙΣ

Ή κυβέρνησις τού Μαλαουί ανακοίνωσεν νέα μέτρα.

Ή κυβέρνησις τού Μαλαουί ανακοίνωσεν νέα μέτρα.

Η ΑΓΝΟΟΥΜΕΝΗ ΑΠΟ ΤΗΣ ΠΕΜΠΤΗΣ ΘΑΛΑΜΗΓΟΣ ΕΙΧΕ ΠΟΔΙΣΕΙ ΕΙΣ ΤΗΝ ΙΚΑΡΙΑΝ ΛΟΓΩ ΑΝΕΜΟΥ

ΑΘΗΝΑΙ, 14. — Ή θαλαμηγός τής οποίας η τύχη ηγνοείτο από τής Πέμπτης, είχε προσορμισθή είς τήν Ικαρίαν λόγω τού ισχυρού ανέμου.

ΑΘΗΝΑΙ, 14. — Ή θαλαμηγός τής οποίας η τύχη ηγνοείτο από τής Πέμπτης, είχε προσορμισθή είς τήν Ικαρίαν λόγω τού ισχυρού ανέμου.

ΜΙΚΡΑΙ ΕΙΔΗΣΕΙΣ ΕΞ ΑΘΗΝΩΝ ΧΩΡΙΣ ΤΙΤΛΟΝ

ΑΘΗΝΑΙ, 14. — Υπό τού υπουργείου Συγκοινωνιών εγκρίθησαν νέαι τιμαί εισιτηρίων. Έγένοντο αί εξετάσεις τών υποψηφίων.

ΑΘΗΝΑΙ, 14. — Υπό τού υπουργείου Συγκοινωνιών εγκρίθησαν νέαι τιμαί εισιτηρίων. Έγένοντο αί εξετάσεις τών υποψηφίων.

ΓΕΝΙΚΟΝ ΠΟΙΝΙΚΟΝ ΜΗΤΡΩΟΝ ΘΑ ΚΑΤΑΡΤΙΣΘΗ ΔΙ' ΟΛΟΥΣ ΤΟΥΣ ΚΑΤΟΙΚΟΥΣ ΤΗΣ ΕΛΛΑΔΟΣ
ΑΝΑΔΙΟΡΓΑΝΩΣΙΣ ΤΟΥ ΥΠΟΥΡΓΕΙΟΥ ΔΙΚΑΙΟΣΥΝΗΣ

ΑΘΗΝΑΙ, 14. — Ό υπουργός Δικαιοσύνης ανεκοίνωσεν ότι θά καταρτισθή γενικόν ποινικόν μητρώον διά όλους τούς κατοίκους τής Ελλάδος.

ΑΘΗΝΑΙ, 14. — Ό υπουργός Δικαιοσύνης ανεκοίνωσεν ότι θά καταρτισθή γενικόν ποινικόν μητρώον διά όλους τούς κατοίκους τής Ελλάδος.
